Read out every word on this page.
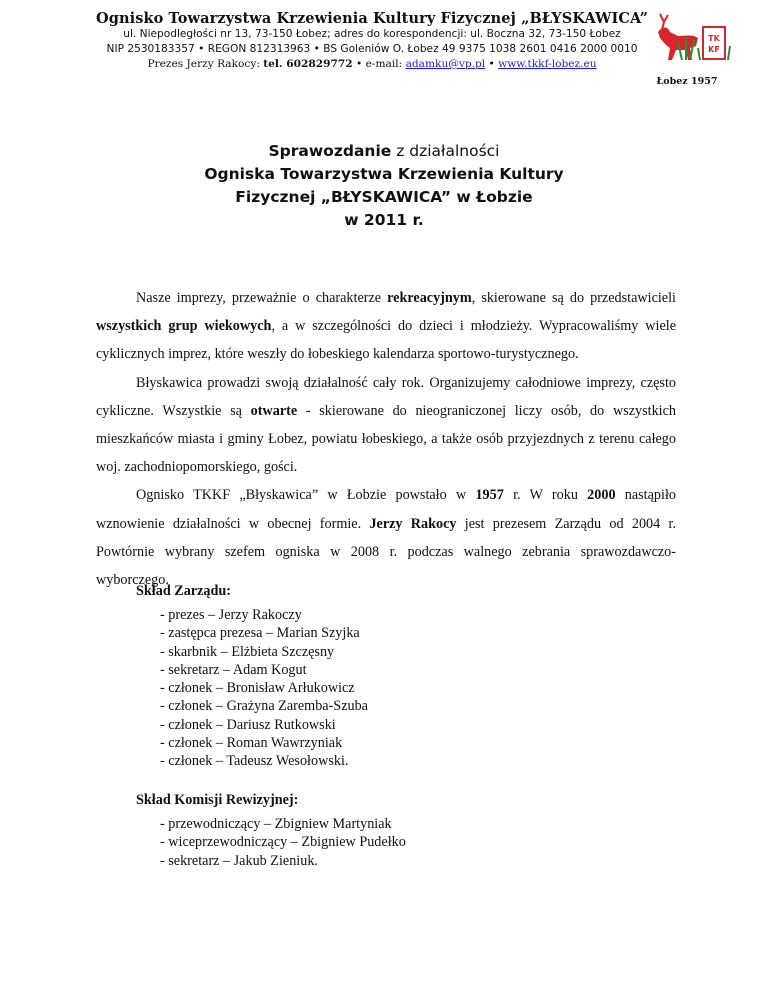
Ognisko Towarzystwa Krzewienia Kultury Fizycznej „BŁYSKAWICA”
ul. Niepodległości nr 13, 73-150 Łobez; adres do korespondencji: ul. Boczna 32, 73-150 Łobez
NIP 2530183357 • REGON 812313963 • BS Goleniów O. Łobez 49 9375 1038 2601 0416 2000 0010
Prezes Jerzy Rakocy: tel. 602829772 • e-mail: adamku@vp.pl • www.tkkf-lobez.eu
TK
KF
Łobez 1957
Sprawozdanie z działalności
Ogniska Towarzystwa Krzewienia Kultury
Fizycznej „BŁYSKAWICA” w Łobzie
w 2011 r.

Nasze imprezy, przeważnie o charakterze rekreacyjnym, skierowane są do przedstawicieli wszystkich grup wiekowych, a w szczególności do dzieci i młodzieży. Wypracowaliśmy wiele cyklicznych imprez, które weszły do łobeskiego kalendarza sportowo-turystycznego.

Błyskawica prowadzi swoją działalność cały rok. Organizujemy całodniowe imprezy, często cykliczne. Wszystkie są otwarte - skierowane do nieograniczonej liczy osób, do wszystkich mieszkańców miasta i gminy Łobez, powiatu łobeskiego, a także osób przyjezdnych z terenu całego woj. zachodniopomorskiego, gości.

Ognisko TKKF „Błyskawica” w Łobzie powstało w 1957 r. W roku 2000 nastąpiło wznowienie działalności w obecnej formie. Jerzy Rakocy jest prezesem Zarządu od 2004 r. Powtórnie wybrany szefem ogniska w 2008 r. podczas walnego zebrania sprawozdawczo-wyborczego.

Skład Zarządu:
- prezes – Jerzy Rakoczy
- zastępca prezesa – Marian Szyjka
- skarbnik – Elżbieta Szczęsny
- sekretarz – Adam Kogut
- członek – Bronisław Arłukowicz
- członek – Grażyna Zaremba-Szuba
- członek – Dariusz Rutkowski
- członek – Roman Wawrzyniak
- członek – Tadeusz Wesołowski.
Skład Komisji Rewizyjnej:
- przewodniczący – Zbigniew Martyniak
- wiceprzewodniczący – Zbigniew Pudełko
- sekretarz – Jakub Zieniuk.
